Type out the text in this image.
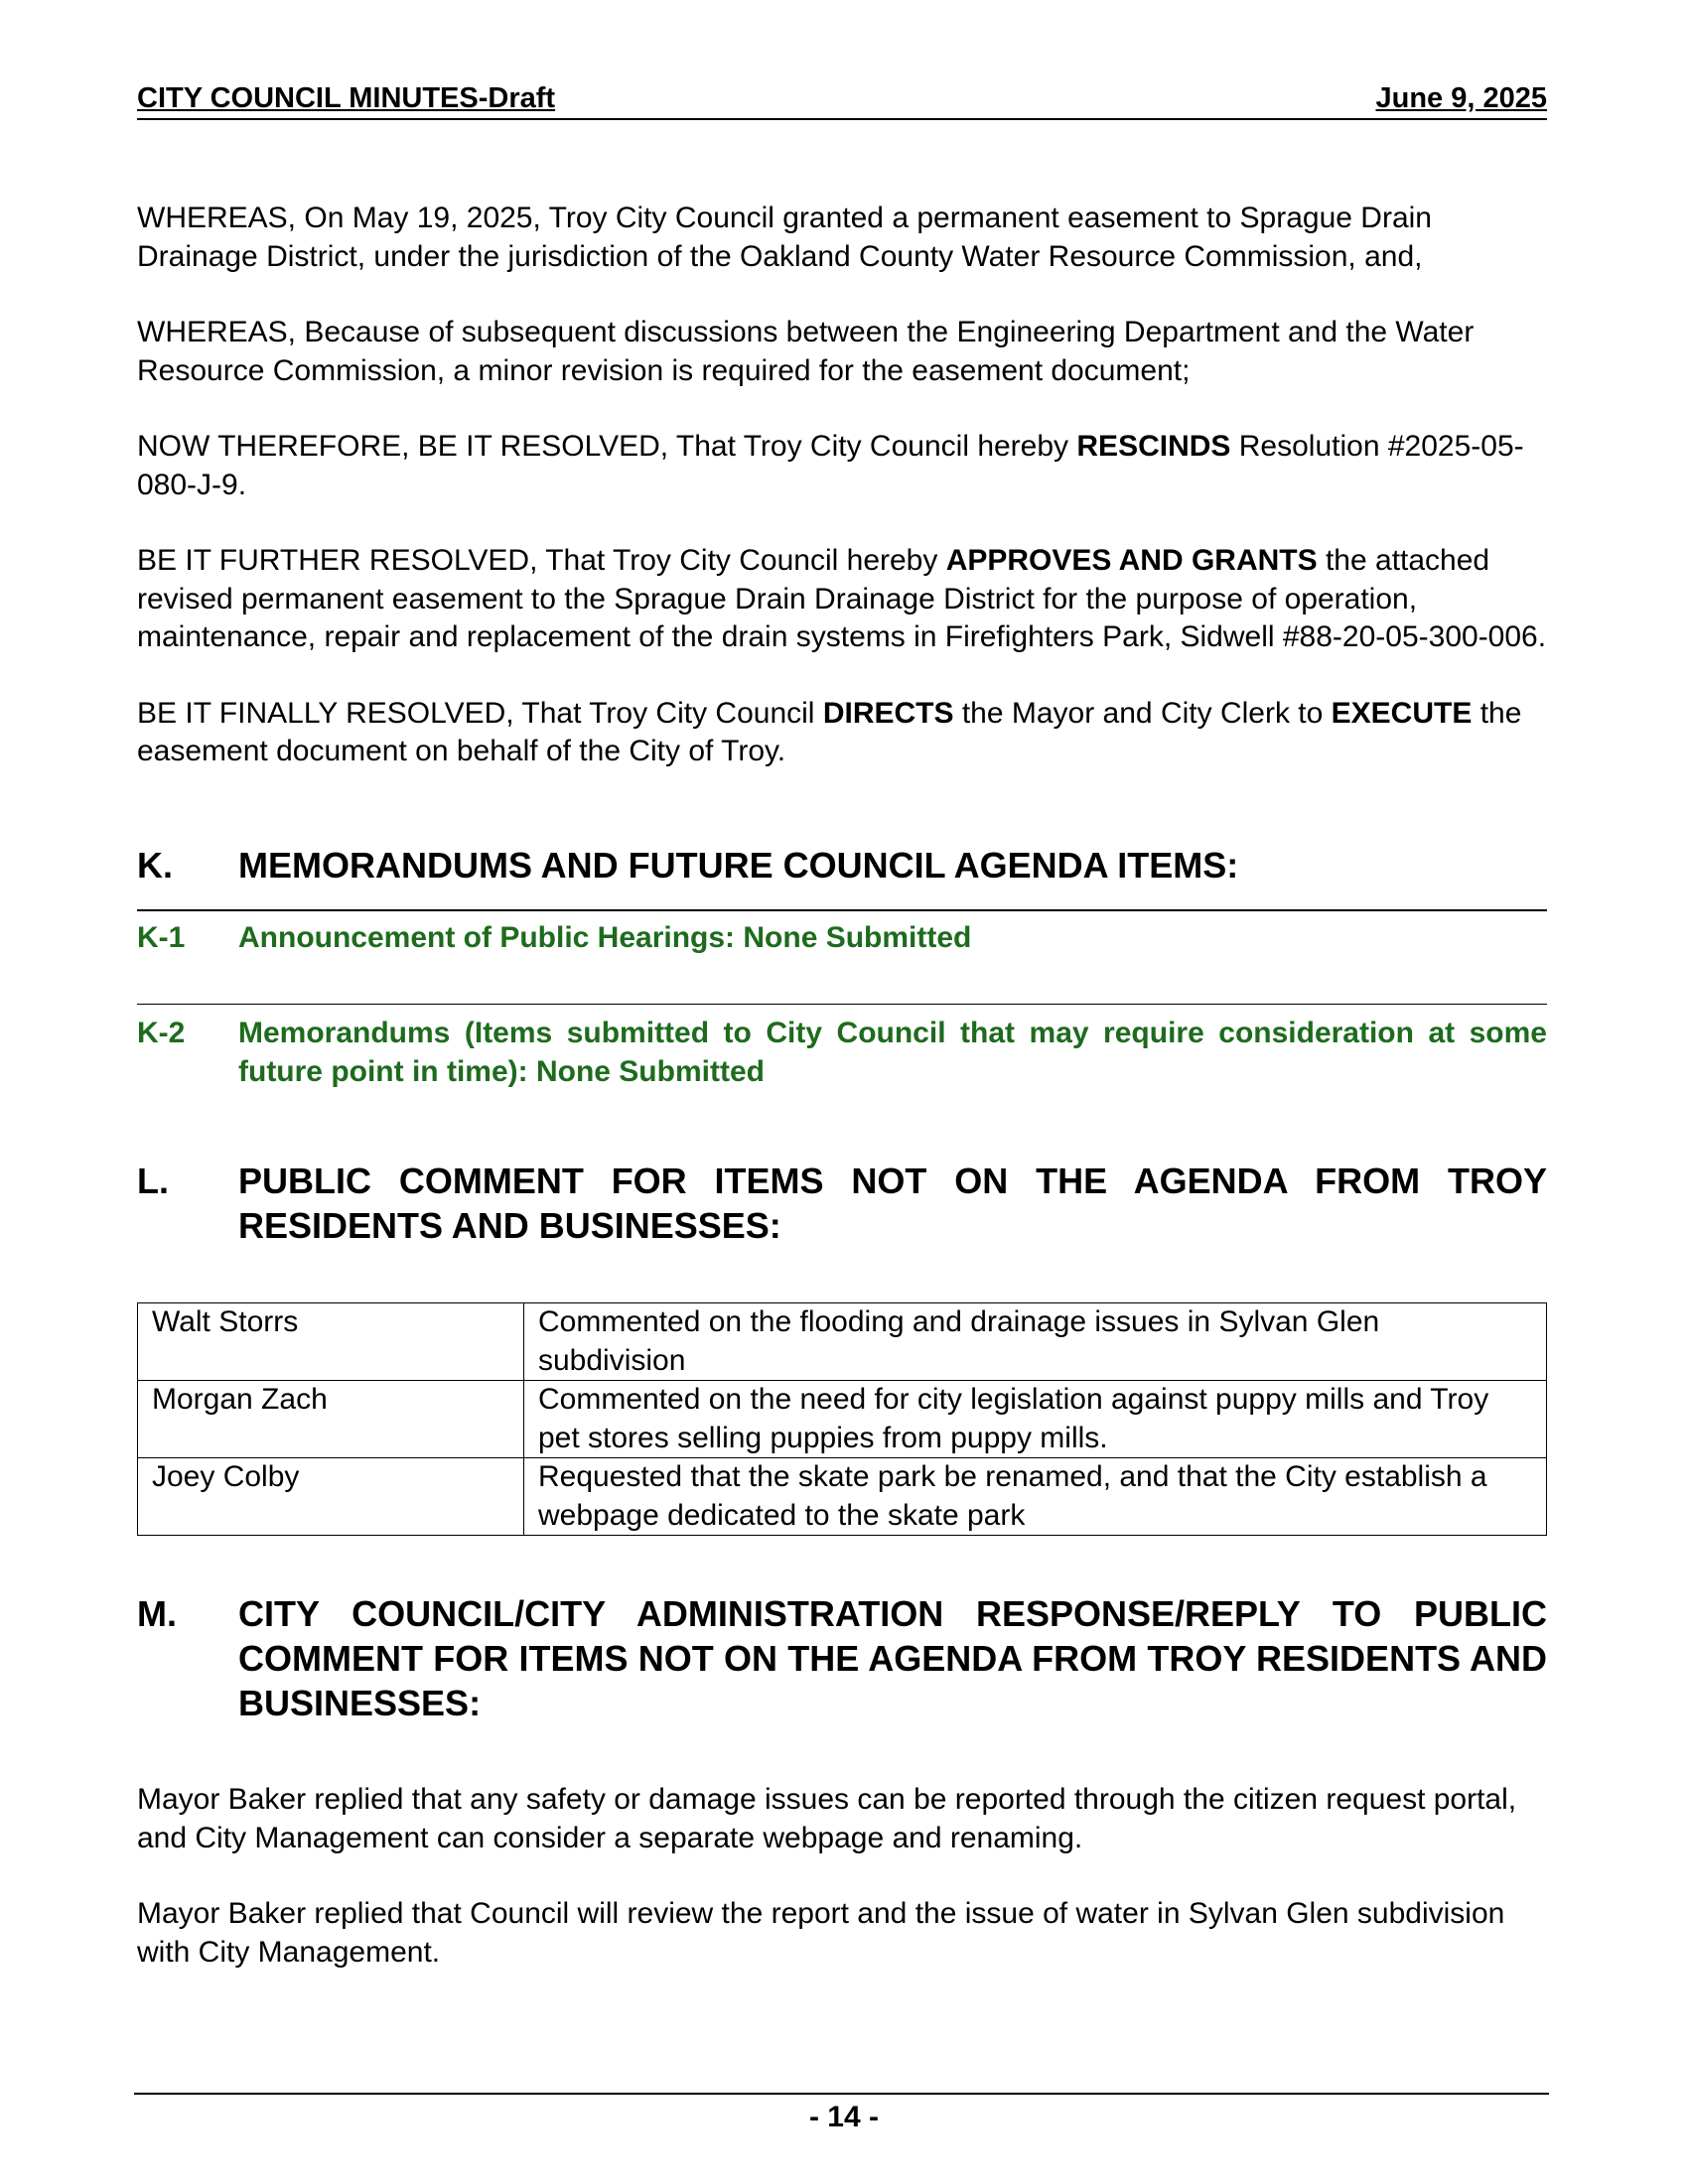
CITY COUNCIL MINUTES-Draft	June 9, 2025

WHEREAS, On May 19, 2025, Troy City Council granted a permanent easement to Sprague Drain Drainage District, under the jurisdiction of the Oakland County Water Resource Commission, and,

WHEREAS, Because of subsequent discussions between the Engineering Department and the Water Resource Commission, a minor revision is required for the easement document;

NOW THEREFORE, BE IT RESOLVED, That Troy City Council hereby RESCINDS Resolution #2025-05-080-J-9.

BE IT FURTHER RESOLVED, That Troy City Council hereby APPROVES AND GRANTS the attached revised permanent easement to the Sprague Drain Drainage District for the purpose of operation, maintenance, repair and replacement of the drain systems in Firefighters Park, Sidwell #88-20-05-300-006.

BE IT FINALLY RESOLVED, That Troy City Council DIRECTS the Mayor and City Clerk to EXECUTE the easement document on behalf of the City of Troy.

K.	MEMORANDUMS AND FUTURE COUNCIL AGENDA ITEMS:
K-1	Announcement of Public Hearings: None Submitted
K-2	Memorandums (Items submitted to City Council that may require consideration at some future point in time): None Submitted
L.	PUBLIC COMMENT FOR ITEMS NOT ON THE AGENDA FROM TROY RESIDENTS AND BUSINESSES:
Walt Storrs	Commented on the flooding and drainage issues in Sylvan Glen subdivision
Morgan Zach	Commented on the need for city legislation against puppy mills and Troy pet stores selling puppies from puppy mills.
Joey Colby	Requested that the skate park be renamed, and that the City establish a webpage dedicated to the skate park
M.	CITY COUNCIL/CITY ADMINISTRATION RESPONSE/REPLY TO PUBLIC COMMENT FOR ITEMS NOT ON THE AGENDA FROM TROY RESIDENTS AND BUSINESSES:

Mayor Baker replied that any safety or damage issues can be reported through the citizen request portal, and City Management can consider a separate webpage and renaming.

Mayor Baker replied that Council will review the report and the issue of water in Sylvan Glen subdivision with City Management.

- 14 -
